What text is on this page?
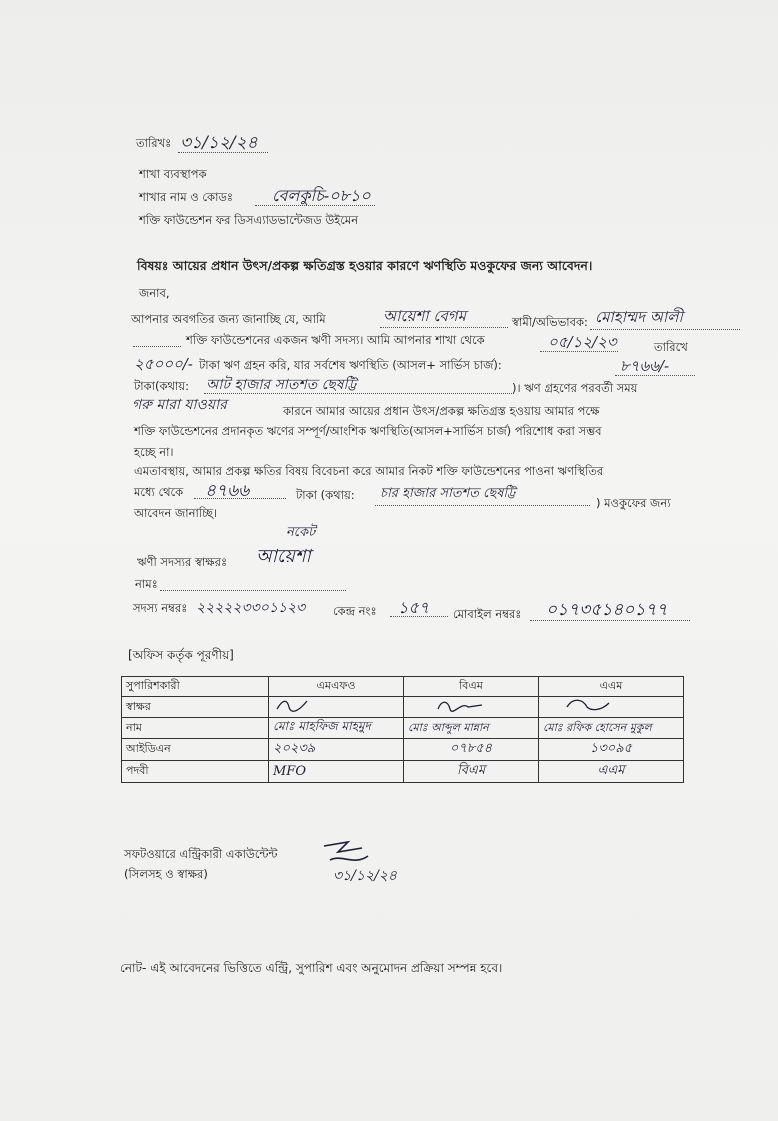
তারিখঃ ৩১/১২/২৪
শাখা ব্যবস্থাপক
শাখার নাম ও কোডঃ বেলকুচি-০৮১০
শক্তি ফাউন্ডেশন ফর ডিসএ্যাডভান্টেজড উইমেন
বিষয়ঃ আয়ের প্রধান উৎস/প্রকল্প ক্ষতিগ্রস্ত হওয়ার কারণে ঋণস্থিতি মওকুফের জন্য আবেদন।
জনাব,
আপনার অবগতির জন্য জানাচ্ছি যে, আমি	আয়েশা বেগম	স্বামী/অভিভাবক: মোহাম্মদ আলী
শক্তি ফাউন্ডেশনের একজন ঋণী সদস্য। আমি আপনার শাখা থেকে	০৫/১২/২৩	তারিখে
২৫০০০/- টাকা ঋণ গ্রহন করি, যার সর্বশেষ ঋণস্থিতি (আসল+ সার্ভিস চার্জ):	৮৭৬৬/-
টাকা(কথায়: আট হাজার সাতশত ছেষট্টি	)। ঋণ গ্রহণের পরবর্তী সময়
গরু মারা যাওয়ার	কারনে আমার আয়ের প্রধান উৎস/প্রকল্প ক্ষতিগ্রস্ত হওয়ায় আমার পক্ষে
শক্তি ফাউন্ডেশনের প্রদানকৃত ঋণের সম্পূর্ণ/আংশিক ঋণস্থিতি(আসল+সার্ভিস চার্জ) পরিশোধ করা সম্ভব
হচ্ছে না।
এমতাবস্থায়, আমার প্রকল্প ক্ষতির বিষয় বিবেচনা করে আমার নিকট শক্তি ফাউন্ডেশনের পাওনা ঋণস্থিতির
মধ্যে থেকে ৪৭৬৬	টাকা (কথায়: চার হাজার সাতশত ছেষট্টি
) মওকুফের জন্য
আবেদন জানাচ্ছি।
নকেট
ঋণী সদস্যর স্বাক্ষরঃ আয়েশা
নামঃ
সদস্য নম্বরঃ ২২২২২৩৩০১১২৩ কেন্দ্র নংঃ ১৫৭ মোবাইল নম্বরঃ ০১৭৩৫১৪০১৭৭
[অফিস কর্তৃক পূরণীয়]
সুপারিশকারী	এমএফও	বিএম	এএম
স্বাক্ষর			
নাম	মোঃ মাহফিজ মাহমুদ	মোঃ আব্দুল মান্নান	মোঃ রফিক হোসেন মুকুল
আইডিএন	২০২৩৯	০৭৮৫৪	১৩০৯৫
পদবী	MFO	বিএম	এএম
সফটওয়ারে এন্ট্রিকারী একাউন্টেন্ট
(সিলসহ ও স্বাক্ষর)	৩১/১২/২৪
নোট- এই আবেদনের ভিত্তিতে এন্ট্রি, সুপারিশ এবং অনুমোদন প্রক্রিয়া সম্পন্ন হবে।
